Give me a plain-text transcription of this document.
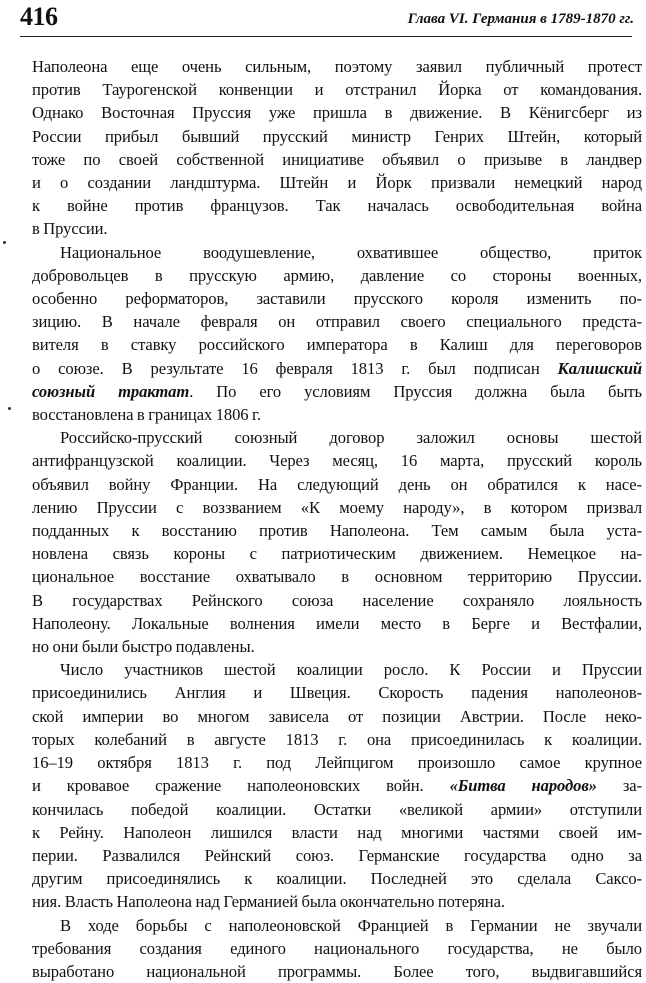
416	Глава VI. Германия в 1789-1870 гг.
Наполеона еще очень сильным, поэтому заявил публичный протест
против Таурогенской конвенции и отстранил Йорка от командования.
Однако Восточная Пруссия уже пришла в движение. В Кёнигсберг из
России прибыл бывший прусский министр Генрих Штейн, который
тоже по своей собственной инициативе объявил о призыве в ландвер
и о создании ландштурма. Штейн и Йорк призвали немецкий народ
к войне против французов. Так началась освободительная война
в Пруссии.
Национальное воодушевление, охватившее общество, приток
добровольцев в прусскую армию, давление со стороны военных,
особенно реформаторов, заставили прусского короля изменить по-
зицию. В начале февраля он отправил своего специального предста-
вителя в ставку российского императора в Калиш для переговоров
о союзе. В результате 16 февраля 1813 г. был подписан Калишский
союзный трактат. По его условиям Пруссия должна была быть
восстановлена в границах 1806 г.
Российско-прусский союзный договор заложил основы шестой
антифранцузской коалиции. Через месяц, 16 марта, прусский король
объявил войну Франции. На следующий день он обратился к насе-
лению Пруссии с воззванием «К моему народу», в котором призвал
подданных к восстанию против Наполеона. Тем самым была уста-
новлена связь короны с патриотическим движением. Немецкое на-
циональное восстание охватывало в основном территорию Пруссии.
В государствах Рейнского союза население сохраняло лояльность
Наполеону. Локальные волнения имели место в Берге и Вестфалии,
но они были быстро подавлены.
Число участников шестой коалиции росло. К России и Пруссии
присоединились Англия и Швеция. Скорость падения наполеонов-
ской империи во многом зависела от позиции Австрии. После неко-
торых колебаний в августе 1813 г. она присоединилась к коалиции.
16–19 октября 1813 г. под Лейпцигом произошло самое крупное
и кровавое сражение наполеоновских войн. «Битва народов» за-
кончилась победой коалиции. Остатки «великой армии» отступили
к Рейну. Наполеон лишился власти над многими частями своей им-
перии. Развалился Рейнский союз. Германские государства одно за
другим присоединялись к коалиции. Последней это сделала Саксо-
ния. Власть Наполеона над Германией была окончательно потеряна.
В ходе борьбы с наполеоновской Францией в Германии не звучали
требования создания единого национального государства, не было
выработано национальной программы. Более того, выдвигавшийся
